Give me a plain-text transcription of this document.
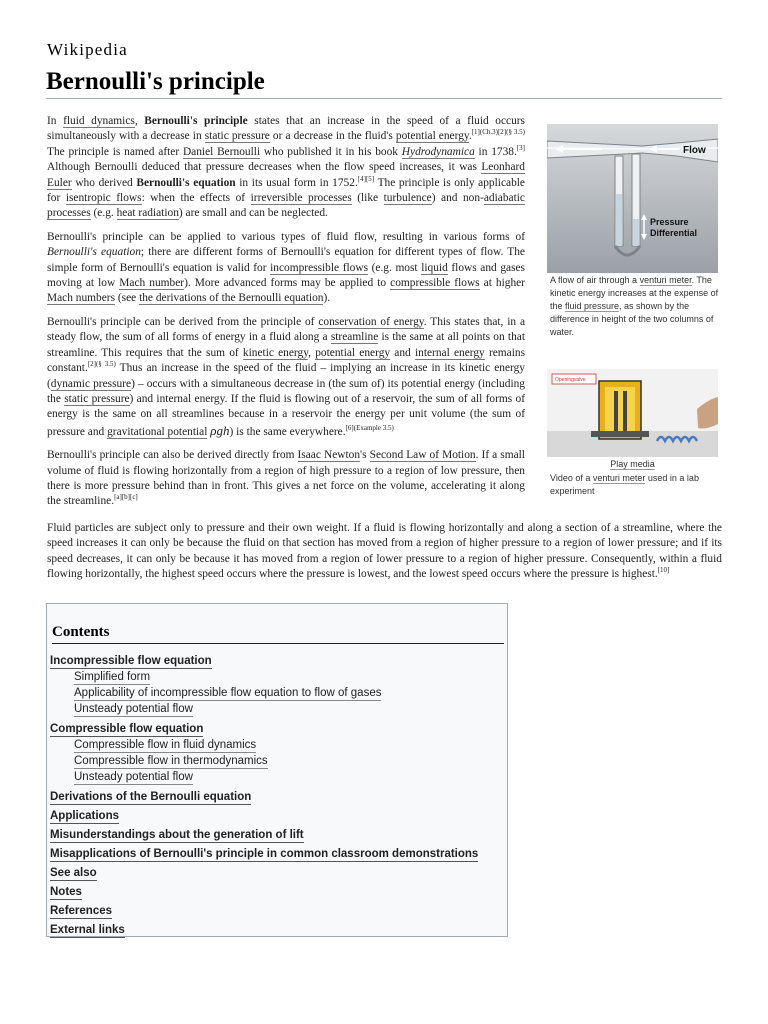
Wikipedia
Bernoulli's principle

In fluid dynamics, Bernoulli's principle states that an increase in the speed of a fluid occurs simultaneously with a decrease in static pressure or a decrease in the fluid's potential energy.$^{[1](Ch.3)[2](\S 3.5)}$ The principle is named after Daniel Bernoulli who published it in his book Hydrodynamica in 1738.[3] Although Bernoulli deduced that pressure decreases when the flow speed increases, it was Leonhard Euler who derived Bernoulli's equation in its usual form in 1752.[4][5] The principle is only applicable for isentropic flows: when the effects of irreversible processes (like turbulence) and non-adiabatic processes (e.g. heat radiation) are small and can be neglected.

Bernoulli's principle can be applied to various types of fluid flow, resulting in various forms of Bernoulli's equation; there are different forms of Bernoulli's equation for different types of flow. The simple form of Bernoulli's equation is valid for incompressible flows (e.g. most liquid flows and gases moving at low Mach number). More advanced forms may be applied to compressible flows at higher Mach numbers (see the derivations of the Bernoulli equation).

Bernoulli's principle can be derived from the principle of conservation of energy. This states that, in a steady flow, the sum of all forms of energy in a fluid along a streamline is the same at all points on that streamline. This requires that the sum of kinetic energy, potential energy and internal energy remains constant.$^{[2](\S 3.5)}$ Thus an increase in the speed of the fluid – implying an increase in its kinetic energy (dynamic pressure) – occurs with a simultaneous decrease in (the sum of) its potential energy (including the static pressure) and internal energy. If the fluid is flowing out of a reservoir, the sum of all forms of energy is the same on all streamlines because in a reservoir the energy per unit volume (the sum of pressure and gravitational potential ρgh) is the same everywhere.$^{[6](Example 3.5)}$

Bernoulli's principle can also be derived directly from Isaac Newton's Second Law of Motion. If a small volume of fluid is flowing horizontally from a region of high pressure to a region of low pressure, then there is more pressure behind than in front. This gives a net force on the volume, accelerating it along the streamline.[a][b][c]

Fluid particles are subject only to pressure and their own weight. If a fluid is flowing horizontally and along a section of a streamline, where the speed increases it can only be because the fluid on that section has moved from a region of higher pressure to a region of lower pressure; and if its speed decreases, it can only be because it has moved from a region of lower pressure to a region of higher pressure. Consequently, within a fluid flowing horizontally, the highest speed occurs where the pressure is lowest, and the lowest speed occurs where the pressure is highest.[10]

Flow
Pressure
Differential
A flow of air through a venturi meter. The kinetic energy increases at the expense of the fluid pressure, as shown by the difference in height of the two columns of water.
Openingvalve
Play media
Video of a venturi meter used in a lab experiment
Contents
Incompressible flow equation
Simplified form
Applicability of incompressible flow equation to flow of gases
Unsteady potential flow
Compressible flow equation
Compressible flow in fluid dynamics
Compressible flow in thermodynamics
Unsteady potential flow
Derivations of the Bernoulli equation
Applications
Misunderstandings about the generation of lift
Misapplications of Bernoulli's principle in common classroom demonstrations
See also
Notes
References
External links
